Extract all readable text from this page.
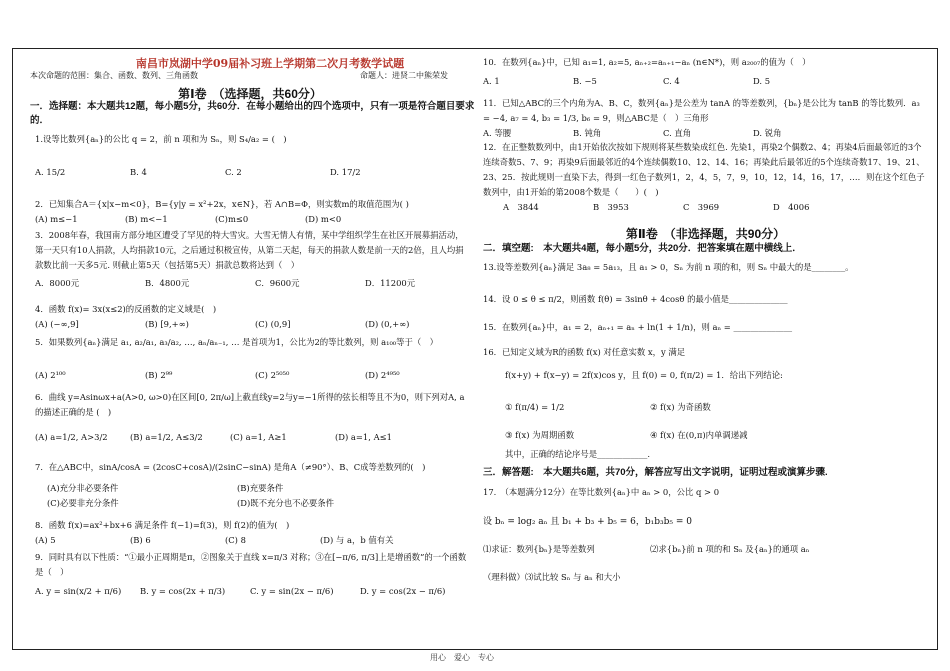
南昌市岚湖中学09届补习班上学期第二次月考数学试题
本次命题的范围：集合、函数、数列、三角函数	命题人：进贤二中熊荣发
第Ⅰ卷　（选择题，共60分）
一．选择题：本大题共12题，每小题5分，共60分．在每小题给出的四个选项中，只有一项是符合题目要求的．
1.设等比数列{aₙ}的公比 q = 2，前 n 项和为 Sₙ，则 S₄/a₂ = (　)
A. 15/2	B. 4	C. 2	D. 17/2
2．已知集合A＝{x|x−m<0}，B={y|y = x²+2x，x∈N}，若 A∩B=Φ，则实数m的取值范围为( )
(A) m≤−1	(B) m<−1	(C)m≤0	(D) m<0
3．2008年春，我国南方部分地区遭受了罕见的特大雪灾。大雪无情人有情，某中学组织学生在社区开展募捐活动，第一天只有10人捐款，人均捐款10元，之后通过积极宣传，从第二天起，每天的捐款人数是前一天的2倍，且人均捐款数比前一天多5元. 则截止第5天（包括第5天）捐款总数将达到（　）
A．8000元	B．4800元	C．9600元	D．11200元
4．函数 f(x)= 3x(x≤2)的反函数的定义域是(　)
(A) (−∞,9]	(B) [9,+∞)	(C) (0,9]	(D) (0,+∞)
5．如果数列{aₙ}满足 a₁, a₂/a₁, a₃/a₂, …, aₙ/aₙ₋₁, … 是首项为1，公比为2的等比数列，则 a₁₀₀等于（　）
(A) 2¹⁰⁰	(B) 2⁹⁹	(C) 2⁵⁰⁵⁰	(D) 2⁴⁹⁵⁰
6．曲线 y=Asinωx+a(A>0, ω>0)在区间[0, 2π/ω]上截直线y=2与y=−1所得的弦长相等且不为0，则下列对A, a的描述正确的是 (　)
(A) a=1/2, A>3/2	(B) a=1/2, A≤3/2	(C) a=1, A≥1	(D) a=1, A≤1
7．在△ABC中，sinA/cosA = (2cosC+cosA)/(2sinC−sinA) 是角A（≠90°）、B、C成等差数列的(　)
(A)充分非必要条件	(B)充要条件
(C)必要非充分条件	(D)既不充分也不必要条件
8．函数 f(x)=ax²+bx+6 满足条件 f(−1)=f(3)，则 f(2)的值为(　)
(A) 5	(B) 6	(C) 8	(D) 与 a，b 值有关
9．同时具有以下性质：“①最小正周期是π，②图象关于直线 x=π/3 对称；③在[−π/6, π/3]上是增函数”的一个函数是（　）
A. y = sin(x/2 + π/6)	B. y = cos(2x + π/3)	C. y = sin(2x − π/6)	D. y = cos(2x − π/6)
10．在数列{aₙ}中，已知 a₁=1, a₂=5, aₙ₊₂=aₙ₊₁−aₙ (n∈N*)，则 a₂₀₀₇的值为（　）
A. 1	B. −5	C. 4	D. 5
11．已知△ABC的三个内角为A、B、C，数列{aₙ}是公差为 tanA 的等差数列，{bₙ}是公比为 tanB 的等比数列．a₃ = −4, a₇ = 4, b₃ = 1/3, b₆ = 9，则△ABC是（　）三角形
A. 等腰	B. 钝角	C. 直角	D. 锐角
12．在正整数数列中，由1开始依次按如下规则将某些数染成红色. 先染1，再染2个偶数2、4；再染4后面最邻近的3个连续奇数5、7、9；再染9后面最邻近的4个连续偶数10、12、14、16；再染此后最邻近的5个连续奇数17、19、21、23、25．按此规则一直染下去，得到一红色子数列1，2，4，5，7，9，10，12，14，16，17，…．则在这个红色子数列中，由1开始的第2008个数是（　　）(　)
A　3844	B　3953	C　3969	D　4006
第Ⅱ卷　（非选择题，共90分）
二．填空题:　本大题共4题，每小题5分，共20分．把答案填在题中横线上．
13.设等差数列{aₙ}满足 3a₈ = 5a₁₃，且 a₁ > 0，Sₙ 为前 n 项的和，则 Sₙ 中最大的是________。
14．设 0 ≤ θ ≤ π/2，则函数 f(θ) = 3sinθ + 4cosθ 的最小值是______________
15．在数列{aₙ}中，a₁ = 2，aₙ₊₁ = aₙ + ln(1 + 1/n)，则 aₙ = ______________
16．已知定义域为R的函数 f(x) 对任意实数 x，y 满足
f(x+y) + f(x−y) = 2f(x)cos y，且 f(0) = 0, f(π/2) = 1．给出下列结论:
① f(π/4) = 1/2	② f(x) 为奇函数
③ f(x) 为周期函数	④ f(x) 在(0,π)内单调递减
其中，正确的结论序号是____________.
三．解答题:　本大题共6题，共70分，解答应写出文字说明，证明过程或演算步骤.
17.　（本题满分12分）在等比数列{aₙ}中 aₙ > 0，公比 q > 0
设 bₙ = log₂ aₙ 且 b₁ + b₃ + b₅ = 6，b₁b₃b₅ = 0
⑴求证：数列{bₙ}是等差数列	⑵求{bₙ}前 n 项的和 Sₙ 及{aₙ}的通项 aₙ
（理科做）⑶试比较 Sₙ 与 aₙ 和大小
用心　爱心　专心
